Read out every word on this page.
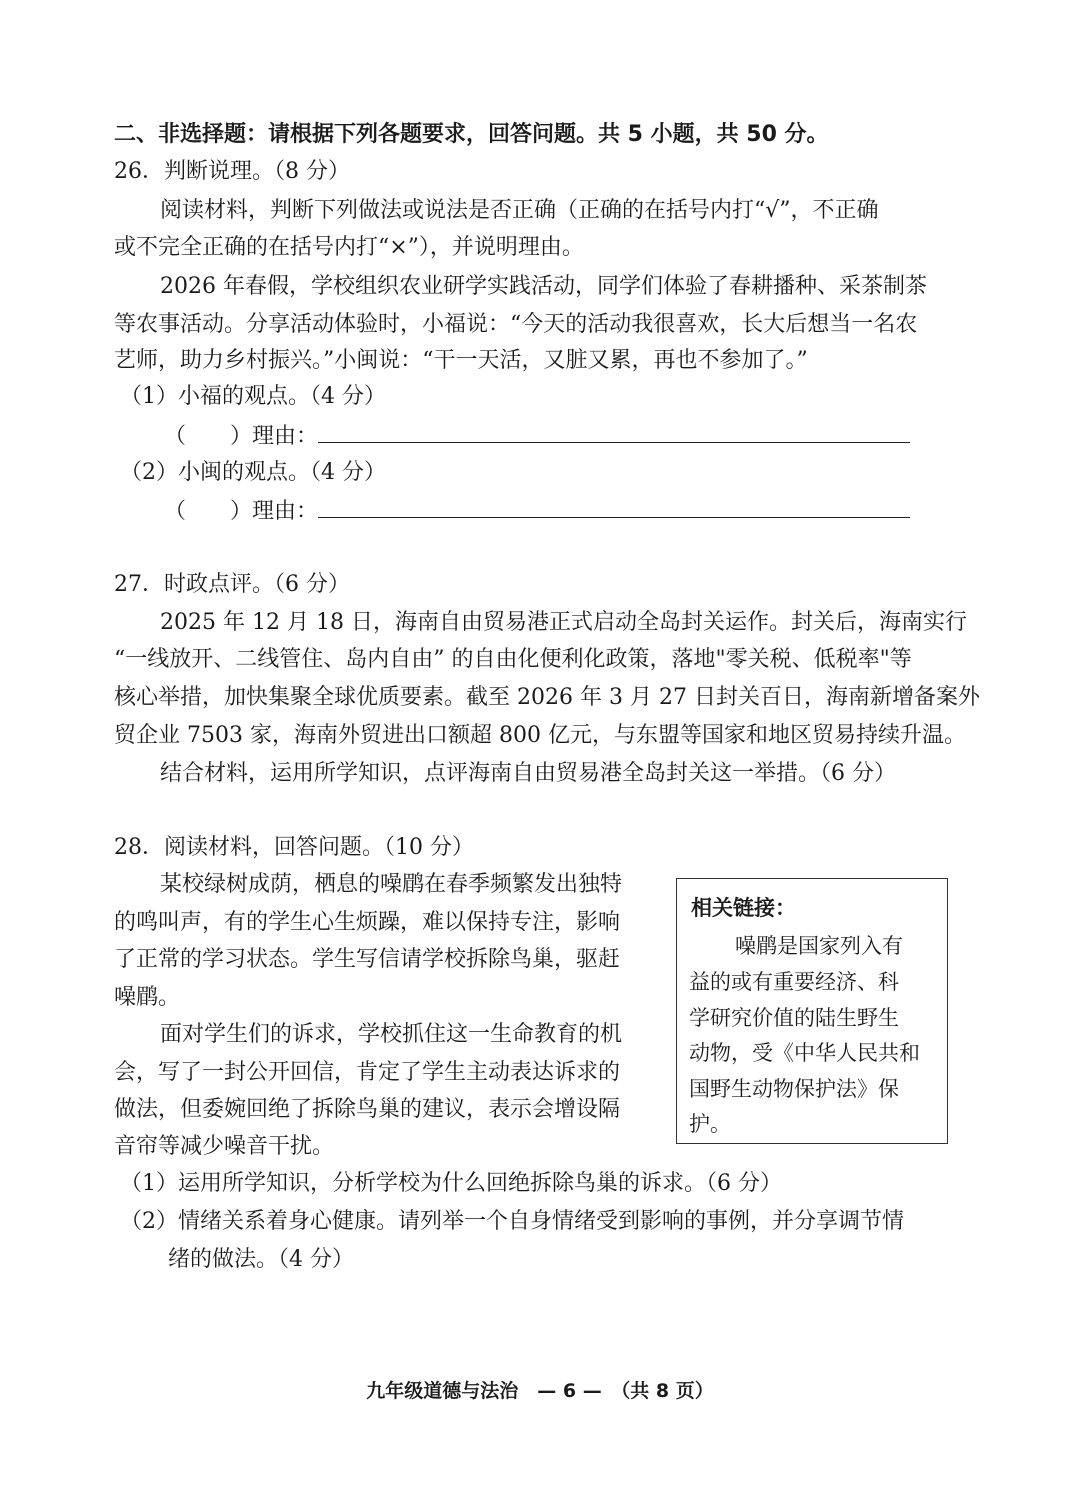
二、非选择题：请根据下列各题要求，回答问题。共 5 小题，共 50 分。
26．判断说理。（8 分）
阅读材料，判断下列做法或说法是否正确（正确的在括号内打“√”，不正确
或不完全正确的在括号内打“×”），并说明理由。
2026 年春假，学校组织农业研学实践活动，同学们体验了春耕播种、采茶制茶
等农事活动。分享活动体验时，小福说：“今天的活动我很喜欢，长大后想当一名农
艺师，助力乡村振兴。”小闽说：“干一天活，又脏又累，再也不参加了。”
（1）小福的观点。（4 分）
（　　）理由：
（2）小闽的观点。（4 分）
（　　）理由：
27．时政点评。（6 分）
2025 年 12 月 18 日，海南自由贸易港正式启动全岛封关运作。封关后，海南实行
“一线放开、二线管住、岛内自由” 的自由化便利化政策，落地"零关税、低税率"等
核心举措，加快集聚全球优质要素。截至 2026 年 3 月 27 日封关百日，海南新增备案外
贸企业 7503 家，海南外贸进出口额超 800 亿元，与东盟等国家和地区贸易持续升温。
结合材料，运用所学知识，点评海南自由贸易港全岛封关这一举措。（6 分）
28．阅读材料，回答问题。（10 分）
某校绿树成荫，栖息的噪鹛在春季频繁发出独特
的鸣叫声，有的学生心生烦躁，难以保持专注，影响
了正常的学习状态。学生写信请学校拆除鸟巢，驱赶
噪鹛。
面对学生们的诉求，学校抓住这一生命教育的机
会，写了一封公开回信，肯定了学生主动表达诉求的
做法，但委婉回绝了拆除鸟巢的建议，表示会增设隔
音帘等减少噪音干扰。
相关链接：
噪鹛是国家列入有
益的或有重要经济、科
学研究价值的陆生野生
动物，受《中华人民共和
国野生动物保护法》保
护。
（1）运用所学知识，分析学校为什么回绝拆除鸟巢的诉求。（6 分）
（2）情绪关系着身心健康。请列举一个自身情绪受到影响的事例，并分享调节情
绪的做法。（4 分）
九年级道德与法治　— 6 —　（共 8 页）
